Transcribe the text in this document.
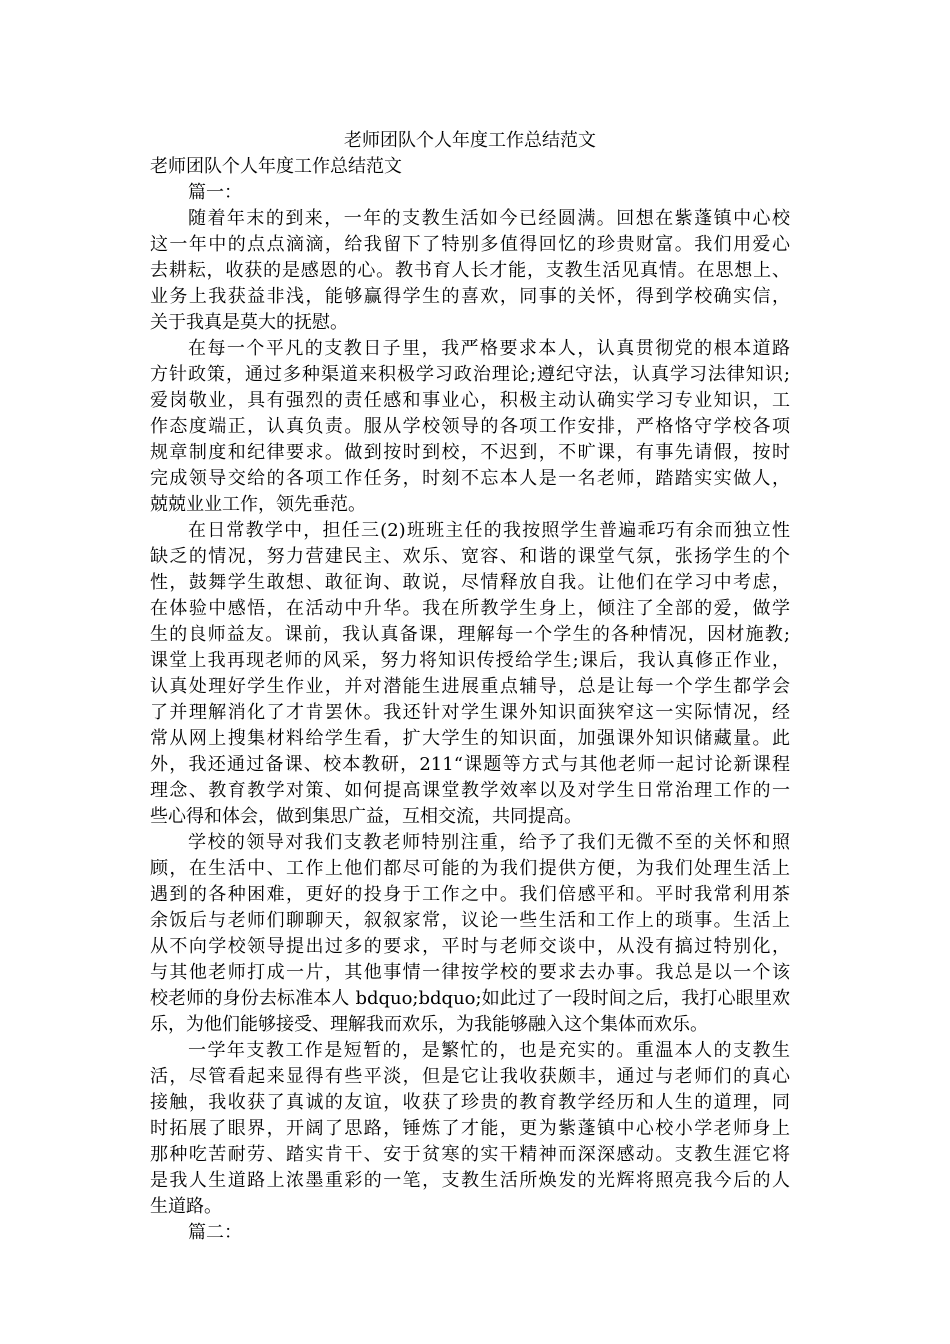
老师团队个人年度工作总结范文
老师团队个人年度工作总结范文
篇一：
随着年末的到来，一年的支教生活如今已经圆满。回想在紫蓬镇中心校
这一年中的点点滴滴，给我留下了特别多值得回忆的珍贵财富。我们用爱心
去耕耘，收获的是感恩的心。教书育人长才能，支教生活见真情。在思想上、
业务上我获益非浅，能够赢得学生的喜欢，同事的关怀，得到学校确实信，
关于我真是莫大的抚慰。
在每一个平凡的支教日子里，我严格要求本人，认真贯彻党的根本道路
方针政策，通过多种渠道来积极学习政治理论;遵纪守法，认真学习法律知识;
爱岗敬业，具有强烈的责任感和事业心，积极主动认确实学习专业知识，工
作态度端正，认真负责。服从学校领导的各项工作安排，严格恪守学校各项
规章制度和纪律要求。做到按时到校，不迟到，不旷课，有事先请假，按时
完成领导交给的各项工作任务，时刻不忘本人是一名老师，踏踏实实做人，
兢兢业业工作，领先垂范。
在日常教学中，担任三(2)班班主任的我按照学生普遍乖巧有余而独立性
缺乏的情况，努力营建民主、欢乐、宽容、和谐的课堂气氛，张扬学生的个
性，鼓舞学生敢想、敢征询、敢说，尽情释放自我。让他们在学习中考虑，
在体验中感悟，在活动中升华。我在所教学生身上，倾注了全部的爱，做学
生的良师益友。课前，我认真备课，理解每一个学生的各种情况，因材施教;
课堂上我再现老师的风采，努力将知识传授给学生;课后，我认真修正作业，
认真处理好学生作业，并对潜能生进展重点辅导，总是让每一个学生都学会
了并理解消化了才肯罢休。我还针对学生课外知识面狭窄这一实际情况，经
常从网上搜集材料给学生看，扩大学生的知识面，加强课外知识储藏量。此
外，我还通过备课、校本教研，211“课题等方式与其他老师一起讨论新课程
理念、教育教学对策、如何提高课堂教学效率以及对学生日常治理工作的一
些心得和体会，做到集思广益，互相交流，共同提高。
学校的领导对我们支教老师特别注重，给予了我们无微不至的关怀和照
顾，在生活中、工作上他们都尽可能的为我们提供方便，为我们处理生活上
遇到的各种困难，更好的投身于工作之中。我们倍感平和。平时我常利用茶
余饭后与老师们聊聊天，叙叙家常，议论一些生活和工作上的琐事。生活上
从不向学校领导提出过多的要求，平时与老师交谈中，从没有搞过特别化，
与其他老师打成一片，其他事情一律按学校的要求去办事。我总是以一个该
校老师的身份去标准本人 bdquo;bdquo;如此过了一段时间之后，我打心眼里欢
乐，为他们能够接受、理解我而欢乐，为我能够融入这个集体而欢乐。
一学年支教工作是短暂的，是繁忙的，也是充实的。重温本人的支教生
活，尽管看起来显得有些平淡，但是它让我收获颇丰，通过与老师们的真心
接触，我收获了真诚的友谊，收获了珍贵的教育教学经历和人生的道理，同
时拓展了眼界，开阔了思路，锤炼了才能，更为紫蓬镇中心校小学老师身上
那种吃苦耐劳、踏实肯干、安于贫寒的实干精神而深深感动。支教生涯它将
是我人生道路上浓墨重彩的一笔，支教生活所焕发的光辉将照亮我今后的人
生道路。
篇二：
